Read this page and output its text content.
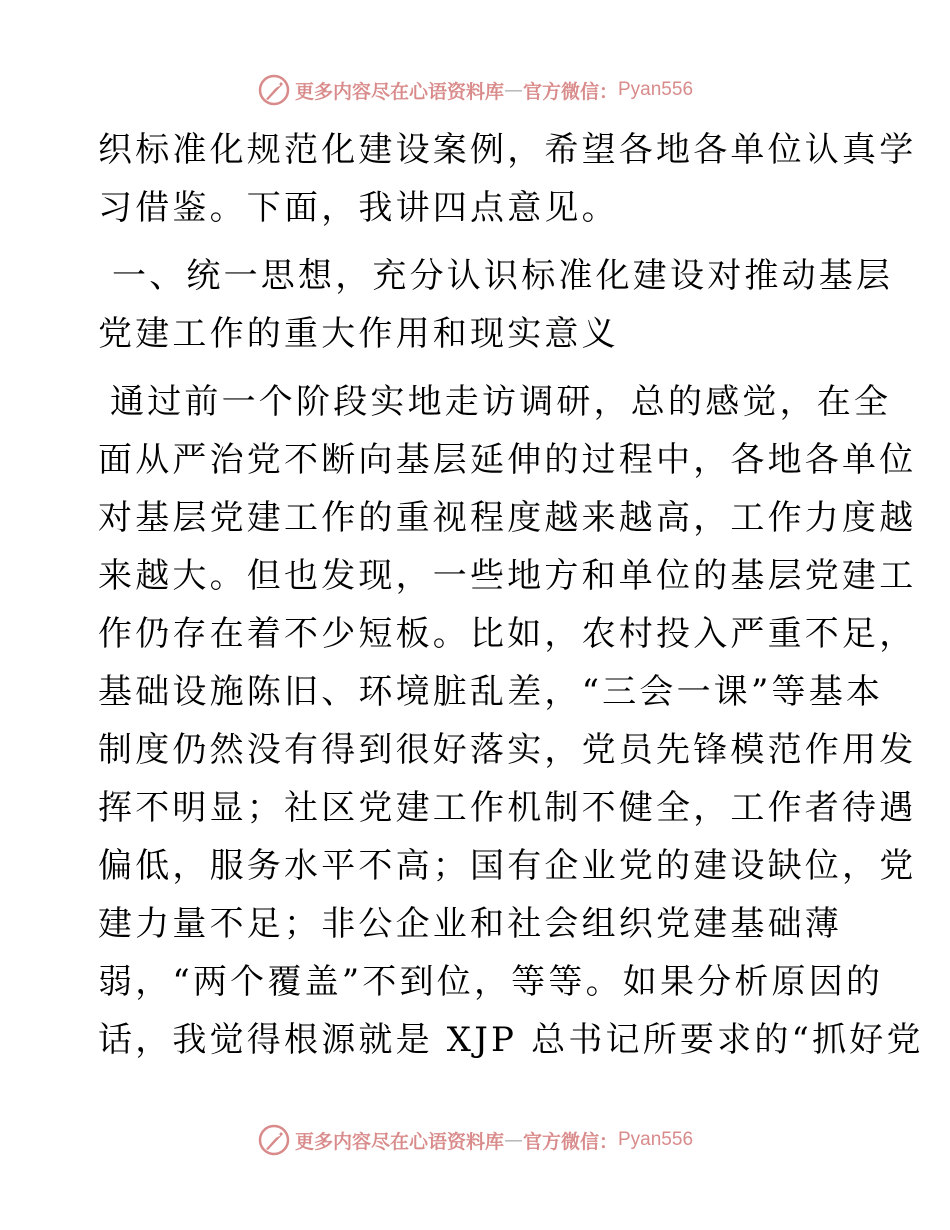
更多内容尽在心语资料库 — 官方微信： Pyan556
织标准化规范化建设案例，希望各地各单位认真学
习借鉴。下面，我讲四点意见。
一、统一思想，充分认识标准化建设对推动基层
党建工作的重大作用和现实意义
通过前一个阶段实地走访调研，总的感觉，在全
面从严治党不断向基层延伸的过程中，各地各单位
对基层党建工作的重视程度越来越高，工作力度越
来越大。但也发现，一些地方和单位的基层党建工
作仍存在着不少短板。比如，农村投入严重不足，
基础设施陈旧、环境脏乱差，“三会一课”等基本
制度仍然没有得到很好落实，党员先锋模范作用发
挥不明显；社区党建工作机制不健全，工作者待遇
偏低，服务水平不高；国有企业党的建设缺位，党
建力量不足；非公企业和社会组织党建基础薄
弱，“两个覆盖”不到位，等等。如果分析原因的
话，我觉得根源就是 XJP 总书记所要求的“抓好党
更多内容尽在心语资料库 — 官方微信： Pyan556
